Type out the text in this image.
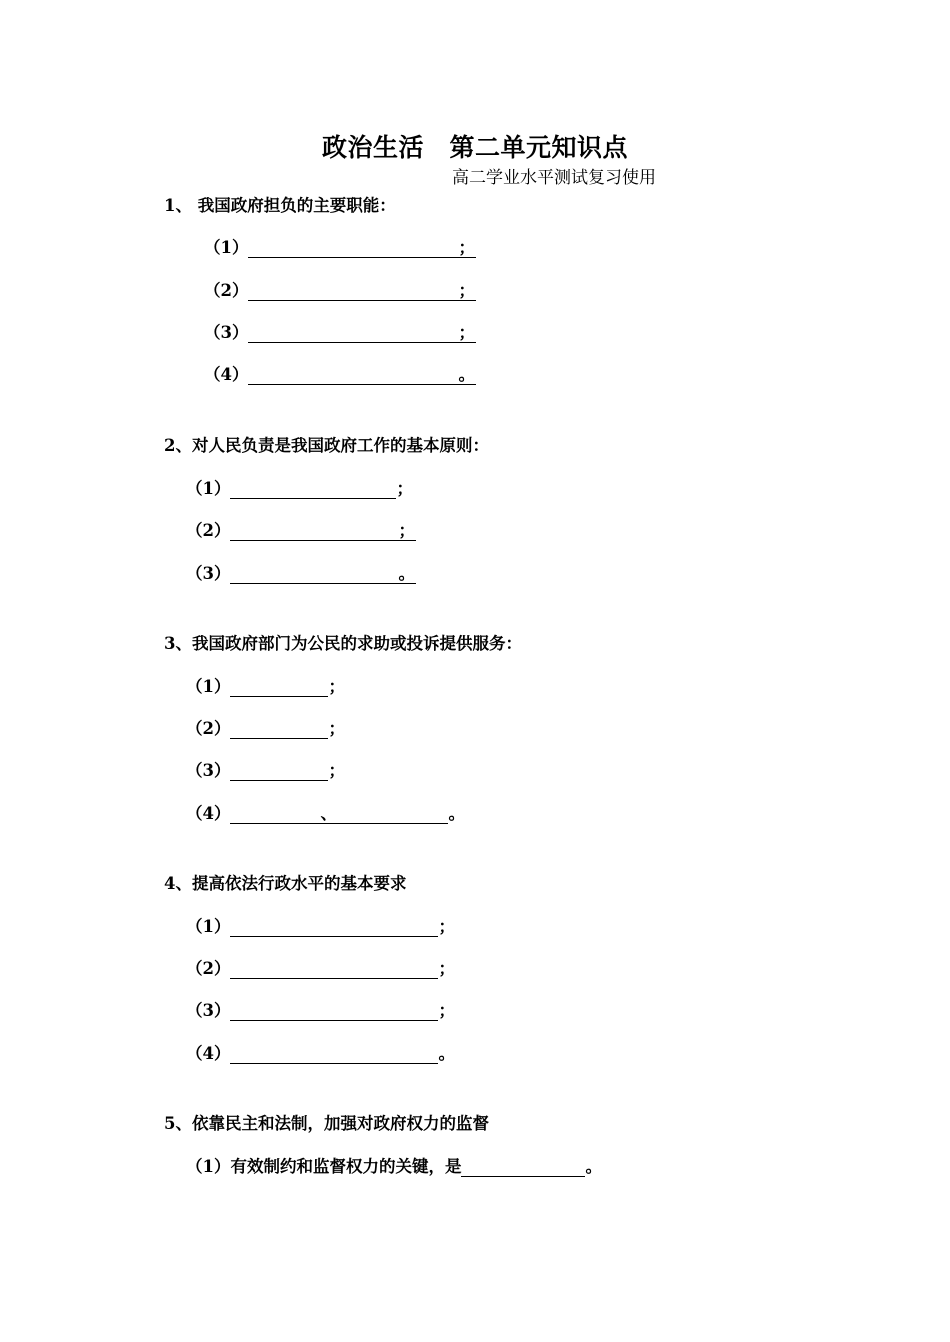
政治生活　第二单元知识点
高二学业水平测试复习使用
1、 我国政府担负的主要职能：
（1）	；
（2）	；
（3）	；
（4）	。
2、对人民负责是我国政府工作的基本原则：
（1）	；
（2）	；
（3）	。
3、我国政府部门为公民的求助或投诉提供服务：
（1）	；
（2）	；
（3）	；
（4）	、	。
4、提高依法行政水平的基本要求
（1）	；
（2）	；
（3）	；
（4）	。
5、依靠民主和法制，加强对政府权力的监督
（1） 有效制约和监督权力的关键，是	。
